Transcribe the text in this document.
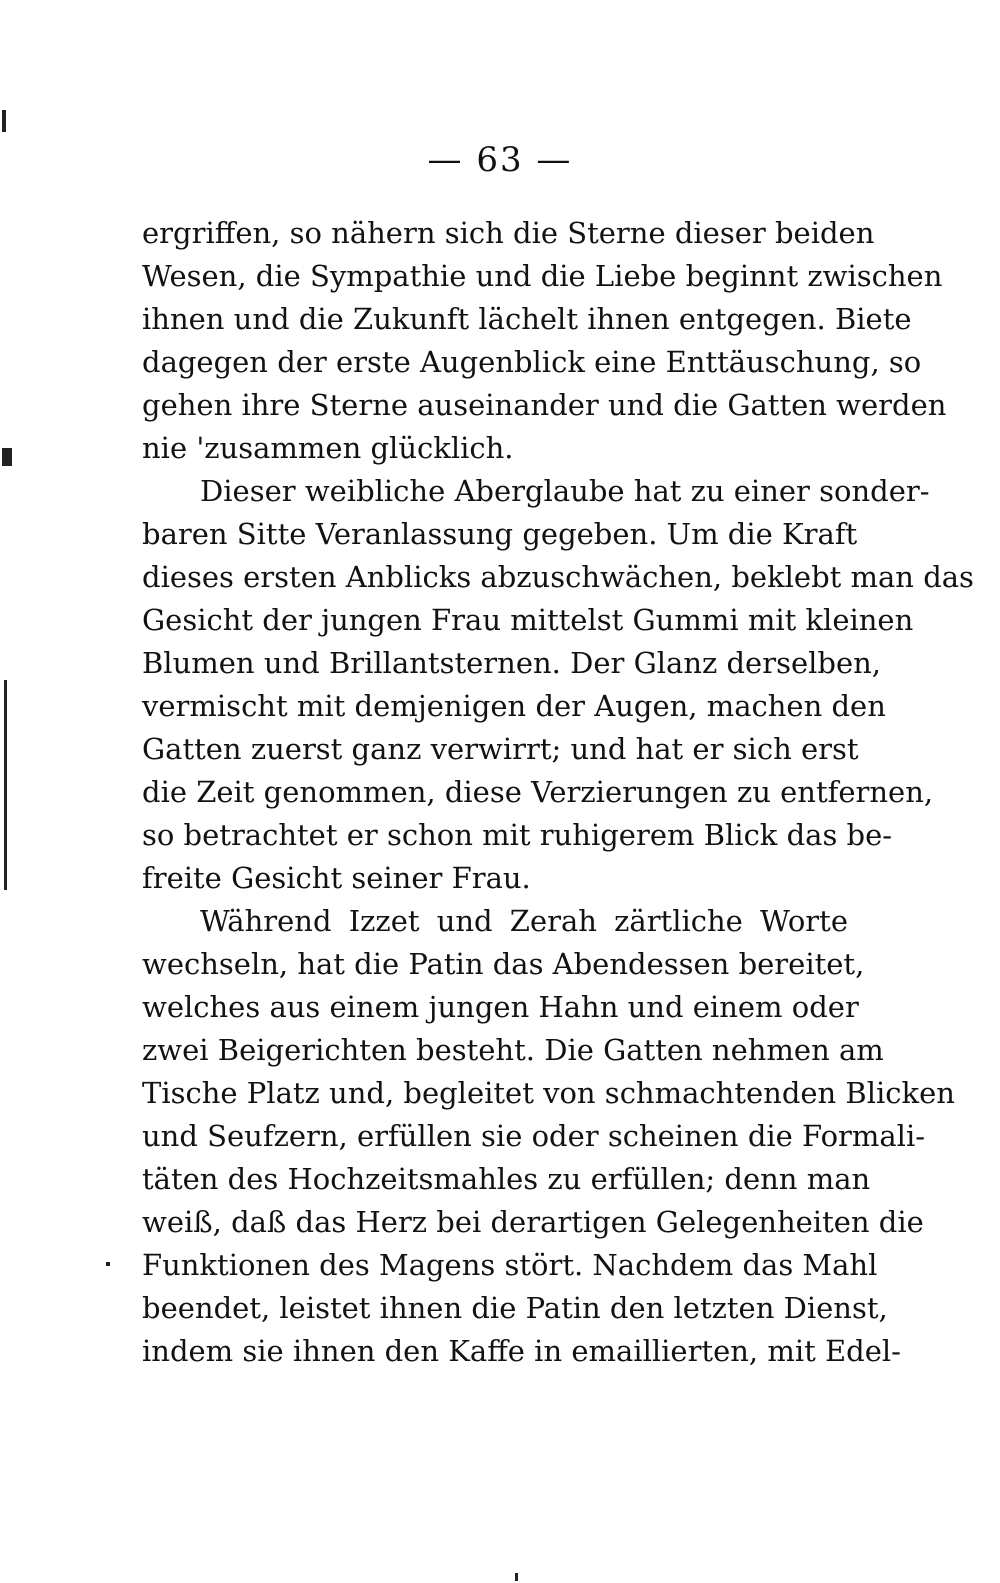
— 63 —
ergriffen, so nähern sich die Sterne dieser beiden
Wesen, die Sympathie und die Liebe beginnt zwischen
ihnen und die Zukunft lächelt ihnen entgegen. Biete
dagegen der erste Augenblick eine Enttäuschung, so
gehen ihre Sterne auseinander und die Gatten werden
nie 'zusammen glücklich.
Dieser weibliche Aberglaube hat zu einer sonder-
baren Sitte Veranlassung gegeben. Um die Kraft
dieses ersten Anblicks abzuschwächen, beklebt man das
Gesicht der jungen Frau mittelst Gummi mit kleinen
Blumen und Brillantsternen. Der Glanz derselben,
vermischt mit demjenigen der Augen, machen den
Gatten zuerst ganz verwirrt; und hat er sich erst
die Zeit genommen, diese Verzierungen zu entfernen,
so betrachtet er schon mit ruhigerem Blick das be-
freite Gesicht seiner Frau.
Während Izzet und Zerah zärtliche Worte
wechseln, hat die Patin das Abendessen bereitet,
welches aus einem jungen Hahn und einem oder
zwei Beigerichten besteht. Die Gatten nehmen am
Tische Platz und, begleitet von schmachtenden Blicken
und Seufzern, erfüllen sie oder scheinen die Formali-
täten des Hochzeitsmahles zu erfüllen; denn man
weiß, daß das Herz bei derartigen Gelegenheiten die
Funktionen des Magens stört. Nachdem das Mahl
beendet, leistet ihnen die Patin den letzten Dienst,
indem sie ihnen den Kaffe in emaillierten, mit Edel-
